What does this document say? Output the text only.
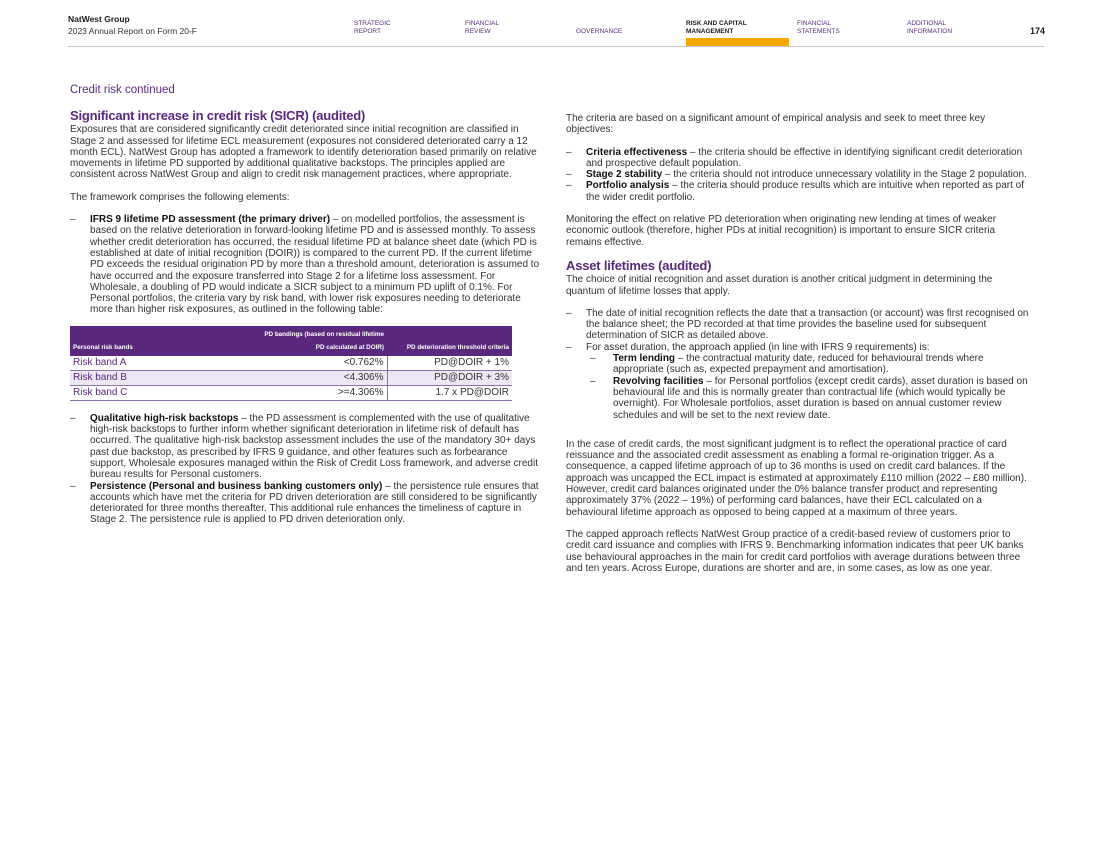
NatWest Group
2023 Annual Report on Form 20-F
STRATEGIC
REPORT
FINANCIAL
REVIEW	GOVERNANCE
RISK AND CAPITAL
MANAGEMENT
FINANCIAL
STATEMENTS
ADDITIONAL
INFORMATION	174
Credit risk continued
Significant increase in credit risk (SICR) (audited)

Exposures that are considered significantly credit deteriorated since initial recognition are classified in Stage 2 and assessed for lifetime ECL measurement (exposures not considered deteriorated carry a 12 month ECL). NatWest Group has adopted a framework to identify deterioration based primarily on relative movements in lifetime PD supported by additional qualitative backstops. The principles applied are consistent across NatWest Group and align to credit risk management practices, where appropriate.

The framework comprises the following elements:

– IFRS 9 lifetime PD assessment (the primary driver) – on modelled portfolios, the assessment is based on the relative deterioration in forward-looking lifetime PD and is assessed monthly. To assess whether credit deterioration has occurred, the residual lifetime PD at balance sheet date (which PD is established at date of initial recognition (DOIR)) is compared to the current PD. If the current lifetime PD exceeds the residual origination PD by more than a threshold amount, deterioration is assumed to have occurred and the exposure transferred into Stage 2 for a lifetime loss assessment. For Wholesale, a doubling of PD would indicate a SICR subject to a minimum PD uplift of 0.1%. For Personal portfolios, the criteria vary by risk band, with lower risk exposures needing to deteriorate more than higher risk exposures, as outlined in the following table:
Personal risk bands	PD bandings (based on residual lifetime PD calculated at DOIR)	PD deterioration threshold criteria
Risk band A	<0.762%	PD@DOIR + 1%
Risk band B	<4.306%	PD@DOIR + 3%
Risk band C	>=4.306%	1.7 x PD@DOIR
– Qualitative high-risk backstops – the PD assessment is complemented with the use of qualitative high-risk backstops to further inform whether significant deterioration in lifetime risk of default has occurred. The qualitative high-risk backstop assessment includes the use of the mandatory 30+ days past due backstop, as prescribed by IFRS 9 guidance, and other features such as forbearance support, Wholesale exposures managed within the Risk of Credit Loss framework, and adverse credit bureau results for Personal customers.
– Persistence (Personal and business banking customers only) – the persistence rule ensures that accounts which have met the criteria for PD driven deterioration are still considered to be significantly deteriorated for three months thereafter. This additional rule enhances the timeliness of capture in Stage 2. The persistence rule is applied to PD driven deterioration only.

The criteria are based on a significant amount of empirical analysis and seek to meet three key objectives:

– Criteria effectiveness – the criteria should be effective in identifying significant credit deterioration and prospective default population.
– Stage 2 stability – the criteria should not introduce unnecessary volatility in the Stage 2 population.
– Portfolio analysis – the criteria should produce results which are intuitive when reported as part of the wider credit portfolio.

Monitoring the effect on relative PD deterioration when originating new lending at times of weaker economic outlook (therefore, higher PDs at initial recognition) is important to ensure SICR criteria remains effective.

Asset lifetimes (audited)

The choice of initial recognition and asset duration is another critical judgment in determining the quantum of lifetime losses that apply.

– The date of initial recognition reflects the date that a transaction (or account) was first recognised on the balance sheet; the PD recorded at that time provides the baseline used for subsequent determination of SICR as detailed above.
– For asset duration, the approach applied (in line with IFRS 9 requirements) is:
– Term lending – the contractual maturity date, reduced for behavioural trends where appropriate (such as, expected prepayment and amortisation).
– Revolving facilities – for Personal portfolios (except credit cards), asset duration is based on behavioural life and this is normally greater than contractual life (which would typically be overnight). For Wholesale portfolios, asset duration is based on annual customer review schedules and will be set to the next review date.

In the case of credit cards, the most significant judgment is to reflect the operational practice of card reissuance and the associated credit assessment as enabling a formal re-origination trigger. As a consequence, a capped lifetime approach of up to 36 months is used on credit card balances. If the approach was uncapped the ECL impact is estimated at approximately £110 million (2022 – £80 million). However, credit card balances originated under the 0% balance transfer product and representing approximately 37% (2022 – 19%) of performing card balances, have their ECL calculated on a behavioural lifetime approach as opposed to being capped at a maximum of three years.

The capped approach reflects NatWest Group practice of a credit-based review of customers prior to credit card issuance and complies with IFRS 9. Benchmarking information indicates that peer UK banks use behavioural approaches in the main for credit card portfolios with average durations between three and ten years. Across Europe, durations are shorter and are, in some cases, as low as one year.
